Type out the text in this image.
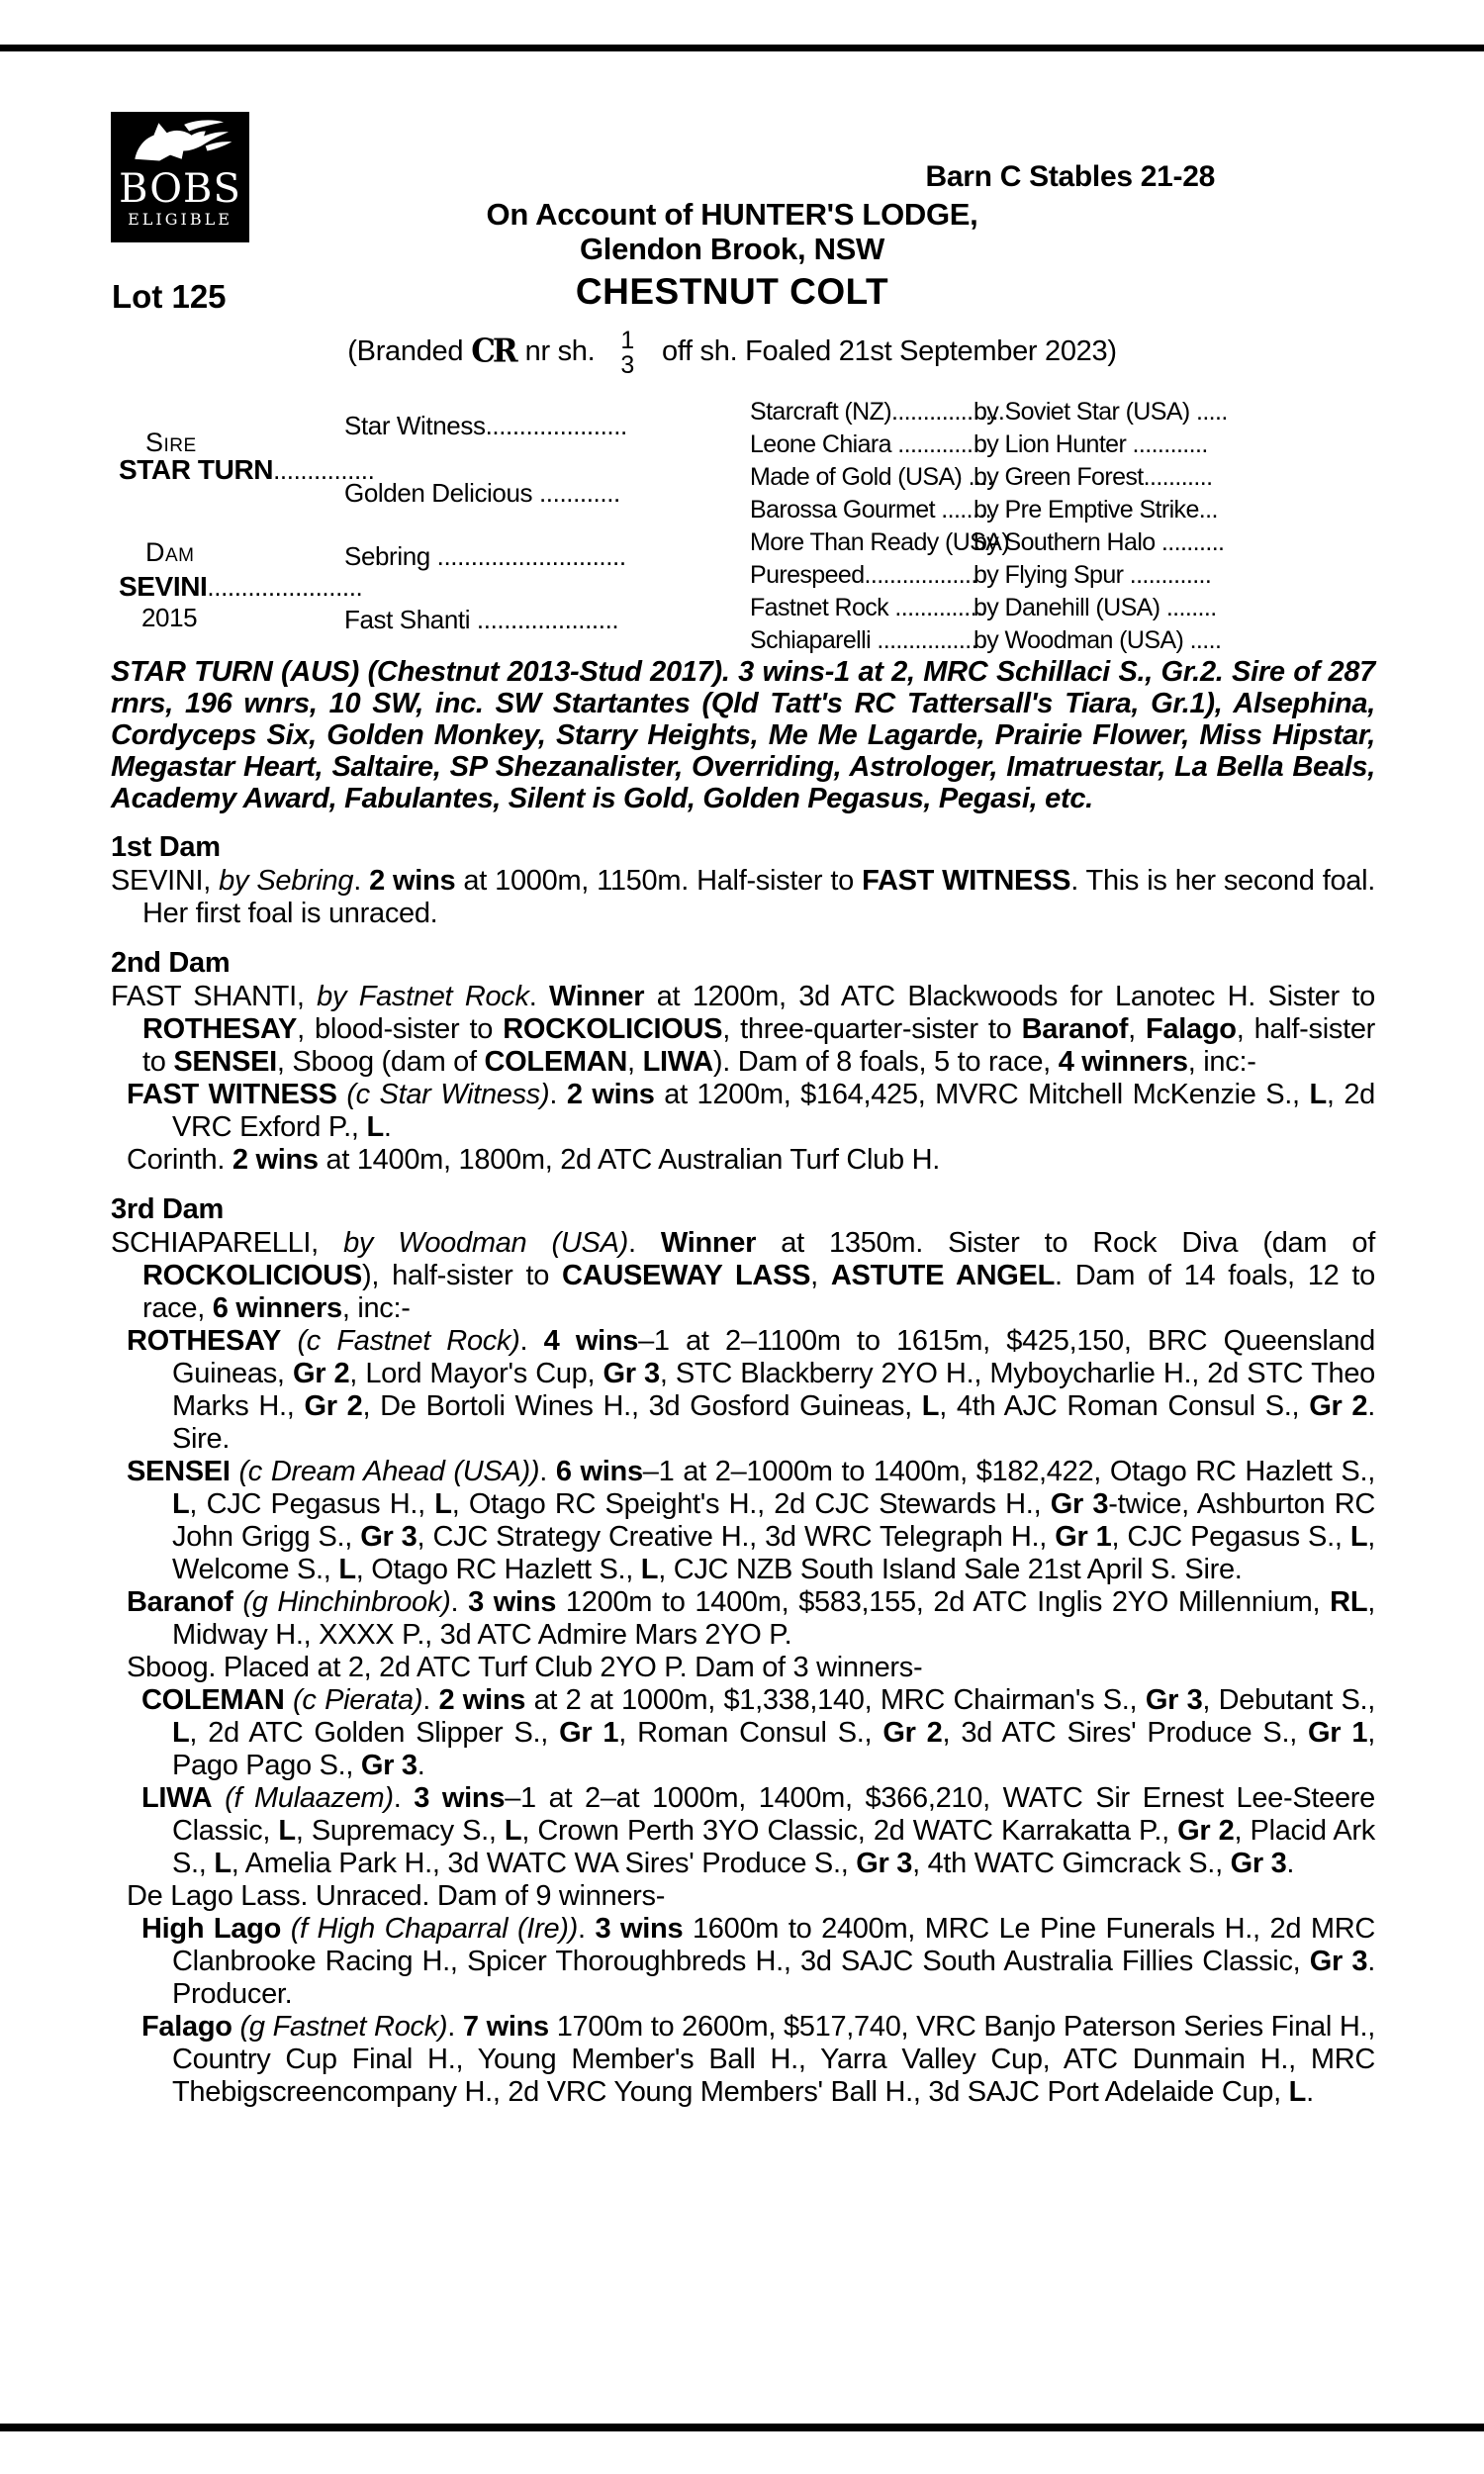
BOBS
ELIGIBLE
Barn C Stables 21-28
On Account of HUNTER'S LODGE,
Glendon Brook, NSW
Lot 125	CHESTNUT COLT
(Branded CR nr sh. 1
3 off sh. Foaled 21st September 2023)
Sire
STAR TURN...............
Dam
SEVINI.......................
2015
Star Witness.....................
Golden Delicious ............
Sebring ............................
Fast Shanti .....................
Starcraft (NZ)..................
by Soviet Star (USA) .....
Leone Chiara ..............
by Lion Hunter ............
Made of Gold (USA) ....
by Green Forest...........
Barossa Gourmet ........
by Pre Emptive Strike...
More Than Ready (USA)
by Southern Halo ..........
Purespeed..................
by Flying Spur .............
Fastnet Rock ..............
by Danehill (USA) ........
Schiaparelli ................
by Woodman (USA) .....
STAR TURN (AUS) (Chestnut 2013-Stud 2017). 3 wins-1 at 2, MRC Schillaci S., Gr.2. Sire of 287 rnrs, 196 wnrs, 10 SW, inc. SW Startantes (Qld Tatt's RC Tattersall's Tiara, Gr.1), Alsephina, Cordyceps Six, Golden Monkey, Starry Heights, Me Me Lagarde, Prairie Flower, Miss Hipstar, Megastar Heart, Saltaire, SP Shezanalister, Overriding, Astrologer, Imatruestar, La Bella Beals, Academy Award, Fabulantes, Silent is Gold, Golden Pegasus, Pegasi, etc.
1st Dam
SEVINI, by Sebring. 2 wins at 1000m, 1150m. Half-sister to FAST WITNESS. This is her second foal. Her first foal is unraced.
2nd Dam
FAST SHANTI, by Fastnet Rock. Winner at 1200m, 3d ATC Blackwoods for Lanotec H. Sister to ROTHESAY, blood-sister to ROCKOLICIOUS, three-quarter-sister to Baranof, Falago, half-sister to SENSEI, Sboog (dam of COLEMAN, LIWA). Dam of 8 foals, 5 to race, 4 winners, inc:-
FAST WITNESS (c Star Witness). 2 wins at 1200m, $164,425, MVRC Mitchell McKenzie S., L, 2d VRC Exford P., L.
Corinth. 2 wins at 1400m, 1800m, 2d ATC Australian Turf Club H.
3rd Dam
SCHIAPARELLI, by Woodman (USA). Winner at 1350m. Sister to Rock Diva (dam of ROCKOLICIOUS), half-sister to CAUSEWAY LASS, ASTUTE ANGEL. Dam of 14 foals, 12 to race, 6 winners, inc:-
ROTHESAY (c Fastnet Rock). 4 wins–1 at 2–1100m to 1615m, $425,150, BRC Queensland Guineas, Gr 2, Lord Mayor's Cup, Gr 3, STC Blackberry 2YO H., Myboycharlie H., 2d STC Theo Marks H., Gr 2, De Bortoli Wines H., 3d Gosford Guineas, L, 4th AJC Roman Consul S., Gr 2. Sire.
SENSEI (c Dream Ahead (USA)). 6 wins–1 at 2–1000m to 1400m, $182,422, Otago RC Hazlett S., L, CJC Pegasus H., L, Otago RC Speight's H., 2d CJC Stewards H., Gr 3-twice, Ashburton RC John Grigg S., Gr 3, CJC Strategy Creative H., 3d WRC Telegraph H., Gr 1, CJC Pegasus S., L, Welcome S., L, Otago RC Hazlett S., L, CJC NZB South Island Sale 21st April S. Sire.
Baranof (g Hinchinbrook). 3 wins 1200m to 1400m, $583,155, 2d ATC Inglis 2YO Millennium, RL, Midway H., XXXX P., 3d ATC Admire Mars 2YO P.
Sboog. Placed at 2, 2d ATC Turf Club 2YO P. Dam of 3 winners-
COLEMAN (c Pierata). 2 wins at 2 at 1000m, $1,338,140, MRC Chairman's S., Gr 3, Debutant S., L, 2d ATC Golden Slipper S., Gr 1, Roman Consul S., Gr 2, 3d ATC Sires' Produce S., Gr 1, Pago Pago S., Gr 3.
LIWA (f Mulaazem). 3 wins–1 at 2–at 1000m, 1400m, $366,210, WATC Sir Ernest Lee-Steere Classic, L, Supremacy S., L, Crown Perth 3YO Classic, 2d WATC Karrakatta P., Gr 2, Placid Ark S., L, Amelia Park H., 3d WATC WA Sires' Produce S., Gr 3, 4th WATC Gimcrack S., Gr 3.
De Lago Lass. Unraced. Dam of 9 winners-
High Lago (f High Chaparral (Ire)). 3 wins 1600m to 2400m, MRC Le Pine Funerals H., 2d MRC Clanbrooke Racing H., Spicer Thoroughbreds H., 3d SAJC South Australia Fillies Classic, Gr 3. Producer.
Falago (g Fastnet Rock). 7 wins 1700m to 2600m, $517,740, VRC Banjo Paterson Series Final H., Country Cup Final H., Young Member's Ball H., Yarra Valley Cup, ATC Dunmain H., MRC Thebigscreencompany H., 2d VRC Young Members' Ball H., 3d SAJC Port Adelaide Cup, L.
